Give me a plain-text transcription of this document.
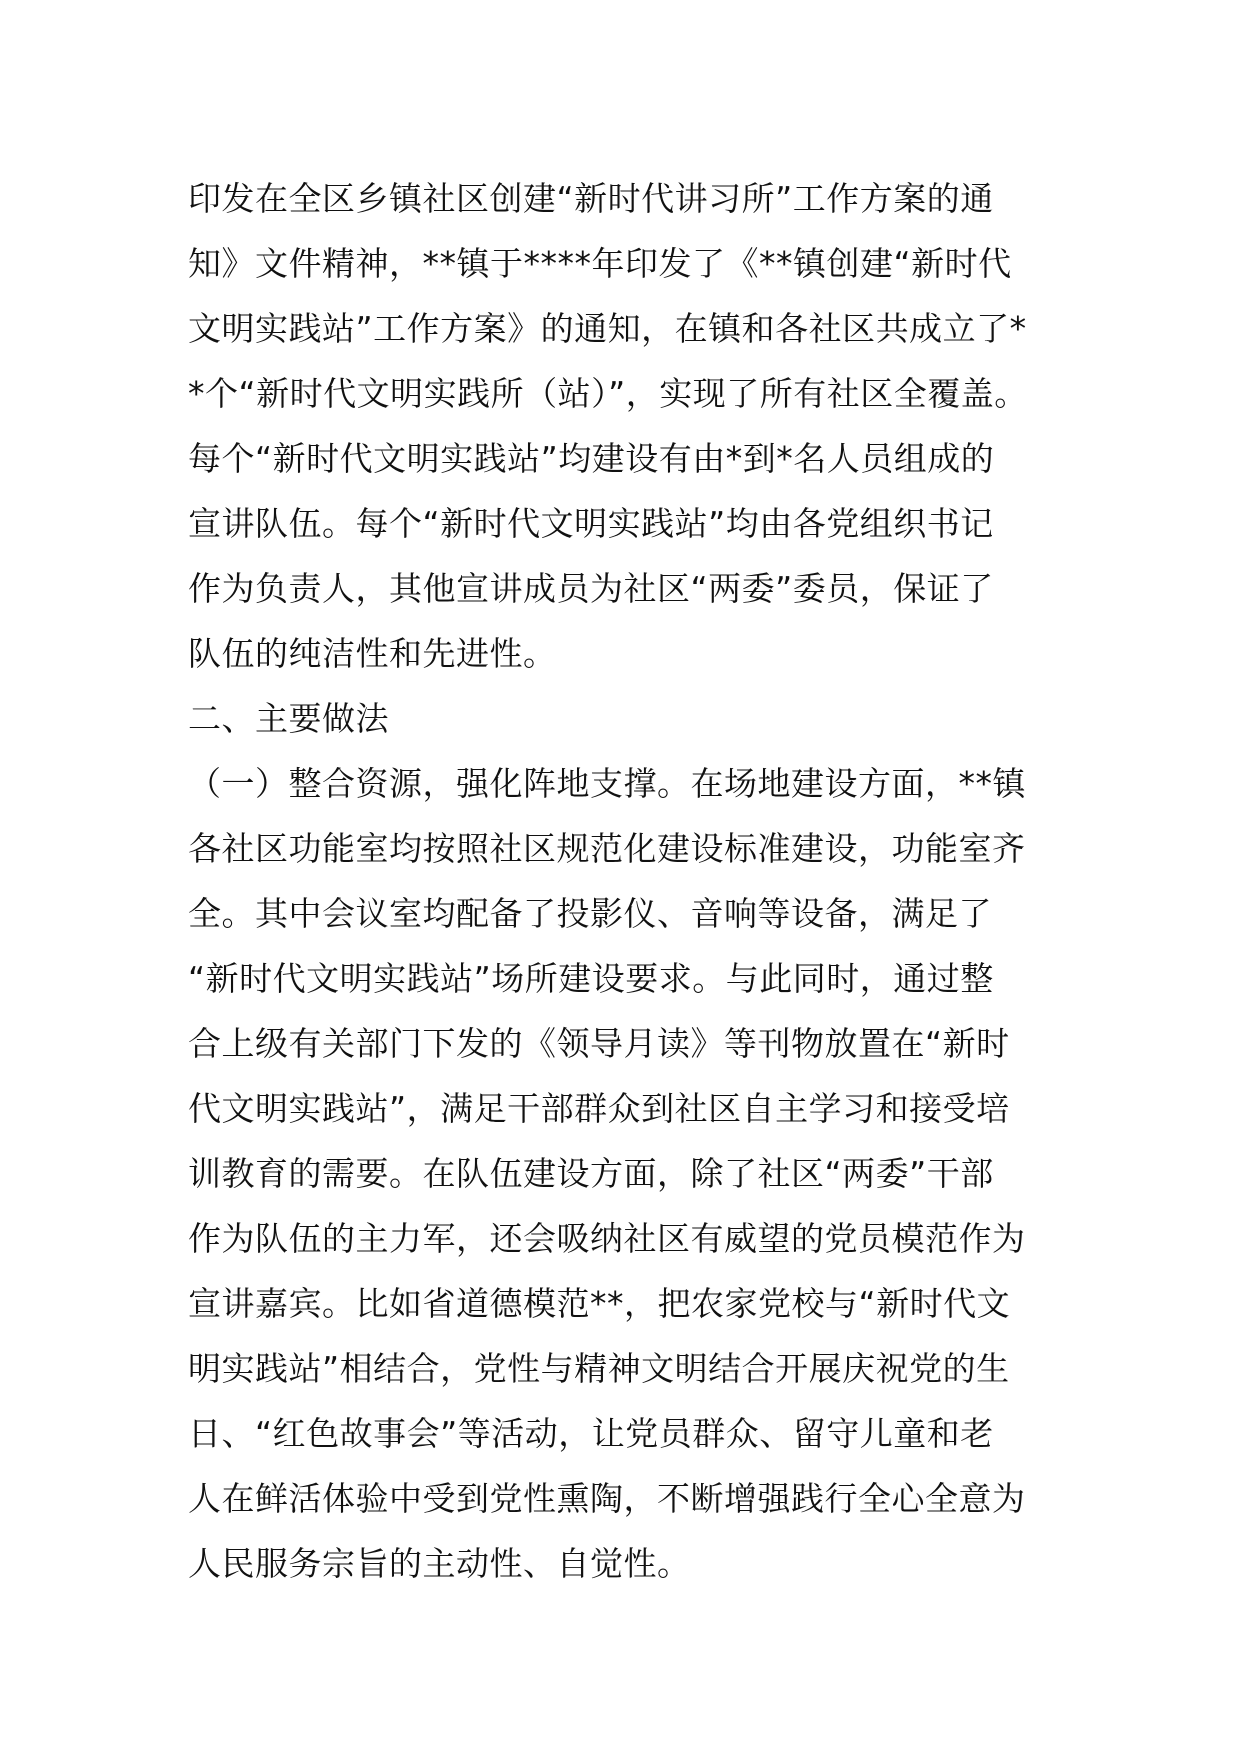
印发在全区乡镇社区创建“新时代讲习所”工作方案的通
知》文件精神，**镇于****年印发了《**镇创建“新时代
文明实践站”工作方案》的通知，在镇和各社区共成立了*
*个“新时代文明实践所（站）”，实现了所有社区全覆盖。
每个“新时代文明实践站”均建设有由*到*名人员组成的
宣讲队伍。每个“新时代文明实践站”均由各党组织书记
作为负责人，其他宣讲成员为社区“两委”委员，保证了
队伍的纯洁性和先进性。
二、主要做法
（一）整合资源，强化阵地支撑。在场地建设方面，**镇
各社区功能室均按照社区规范化建设标准建设，功能室齐
全。其中会议室均配备了投影仪、音响等设备，满足了
“新时代文明实践站”场所建设要求。与此同时，通过整
合上级有关部门下发的《领导月读》等刊物放置在“新时
代文明实践站”，满足干部群众到社区自主学习和接受培
训教育的需要。在队伍建设方面，除了社区“两委”干部
作为队伍的主力军，还会吸纳社区有威望的党员模范作为
宣讲嘉宾。比如省道德模范**，把农家党校与“新时代文
明实践站”相结合，党性与精神文明结合开展庆祝党的生
日、“红色故事会”等活动，让党员群众、留守儿童和老
人在鲜活体验中受到党性熏陶，不断增强践行全心全意为
人民服务宗旨的主动性、自觉性。
